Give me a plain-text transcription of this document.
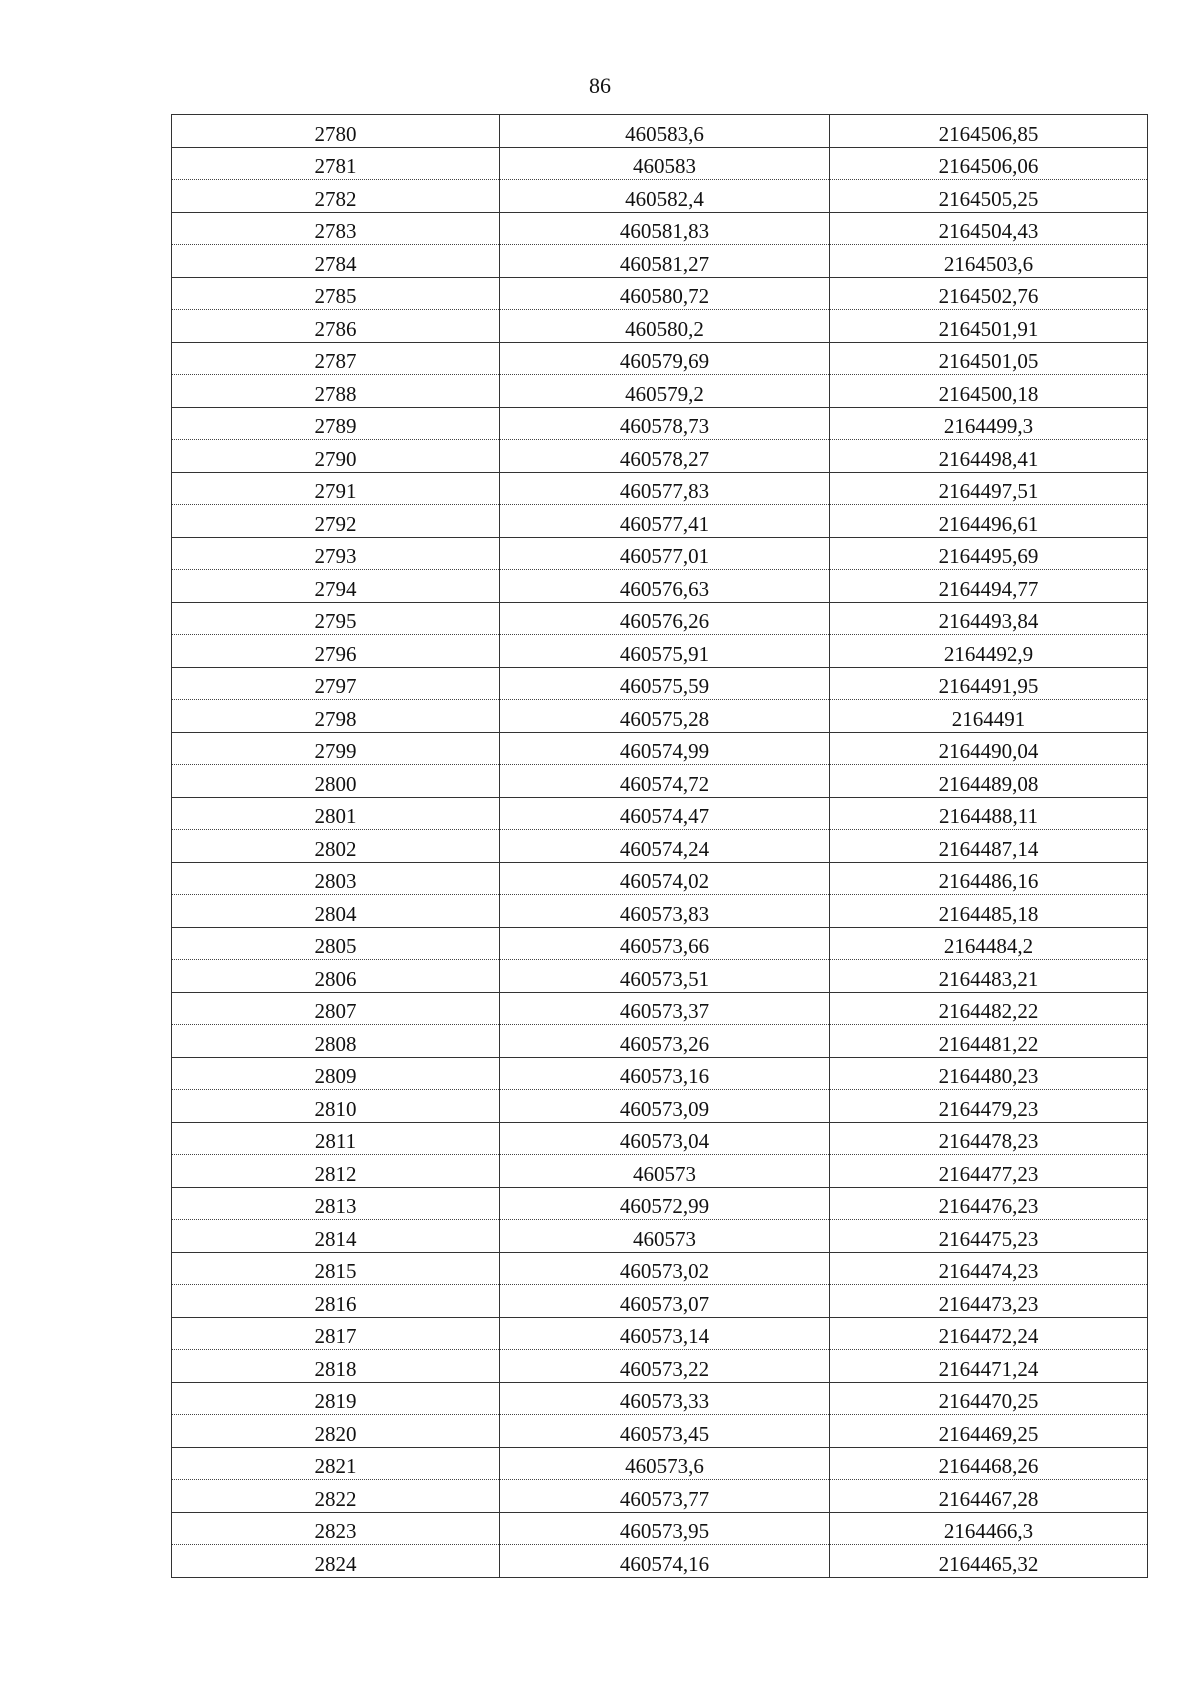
86
2780	460583,6	2164506,85
2781	460583	2164506,06
2782	460582,4	2164505,25
2783	460581,83	2164504,43
2784	460581,27	2164503,6
2785	460580,72	2164502,76
2786	460580,2	2164501,91
2787	460579,69	2164501,05
2788	460579,2	2164500,18
2789	460578,73	2164499,3
2790	460578,27	2164498,41
2791	460577,83	2164497,51
2792	460577,41	2164496,61
2793	460577,01	2164495,69
2794	460576,63	2164494,77
2795	460576,26	2164493,84
2796	460575,91	2164492,9
2797	460575,59	2164491,95
2798	460575,28	2164491
2799	460574,99	2164490,04
2800	460574,72	2164489,08
2801	460574,47	2164488,11
2802	460574,24	2164487,14
2803	460574,02	2164486,16
2804	460573,83	2164485,18
2805	460573,66	2164484,2
2806	460573,51	2164483,21
2807	460573,37	2164482,22
2808	460573,26	2164481,22
2809	460573,16	2164480,23
2810	460573,09	2164479,23
2811	460573,04	2164478,23
2812	460573	2164477,23
2813	460572,99	2164476,23
2814	460573	2164475,23
2815	460573,02	2164474,23
2816	460573,07	2164473,23
2817	460573,14	2164472,24
2818	460573,22	2164471,24
2819	460573,33	2164470,25
2820	460573,45	2164469,25
2821	460573,6	2164468,26
2822	460573,77	2164467,28
2823	460573,95	2164466,3
2824	460574,16	2164465,32
